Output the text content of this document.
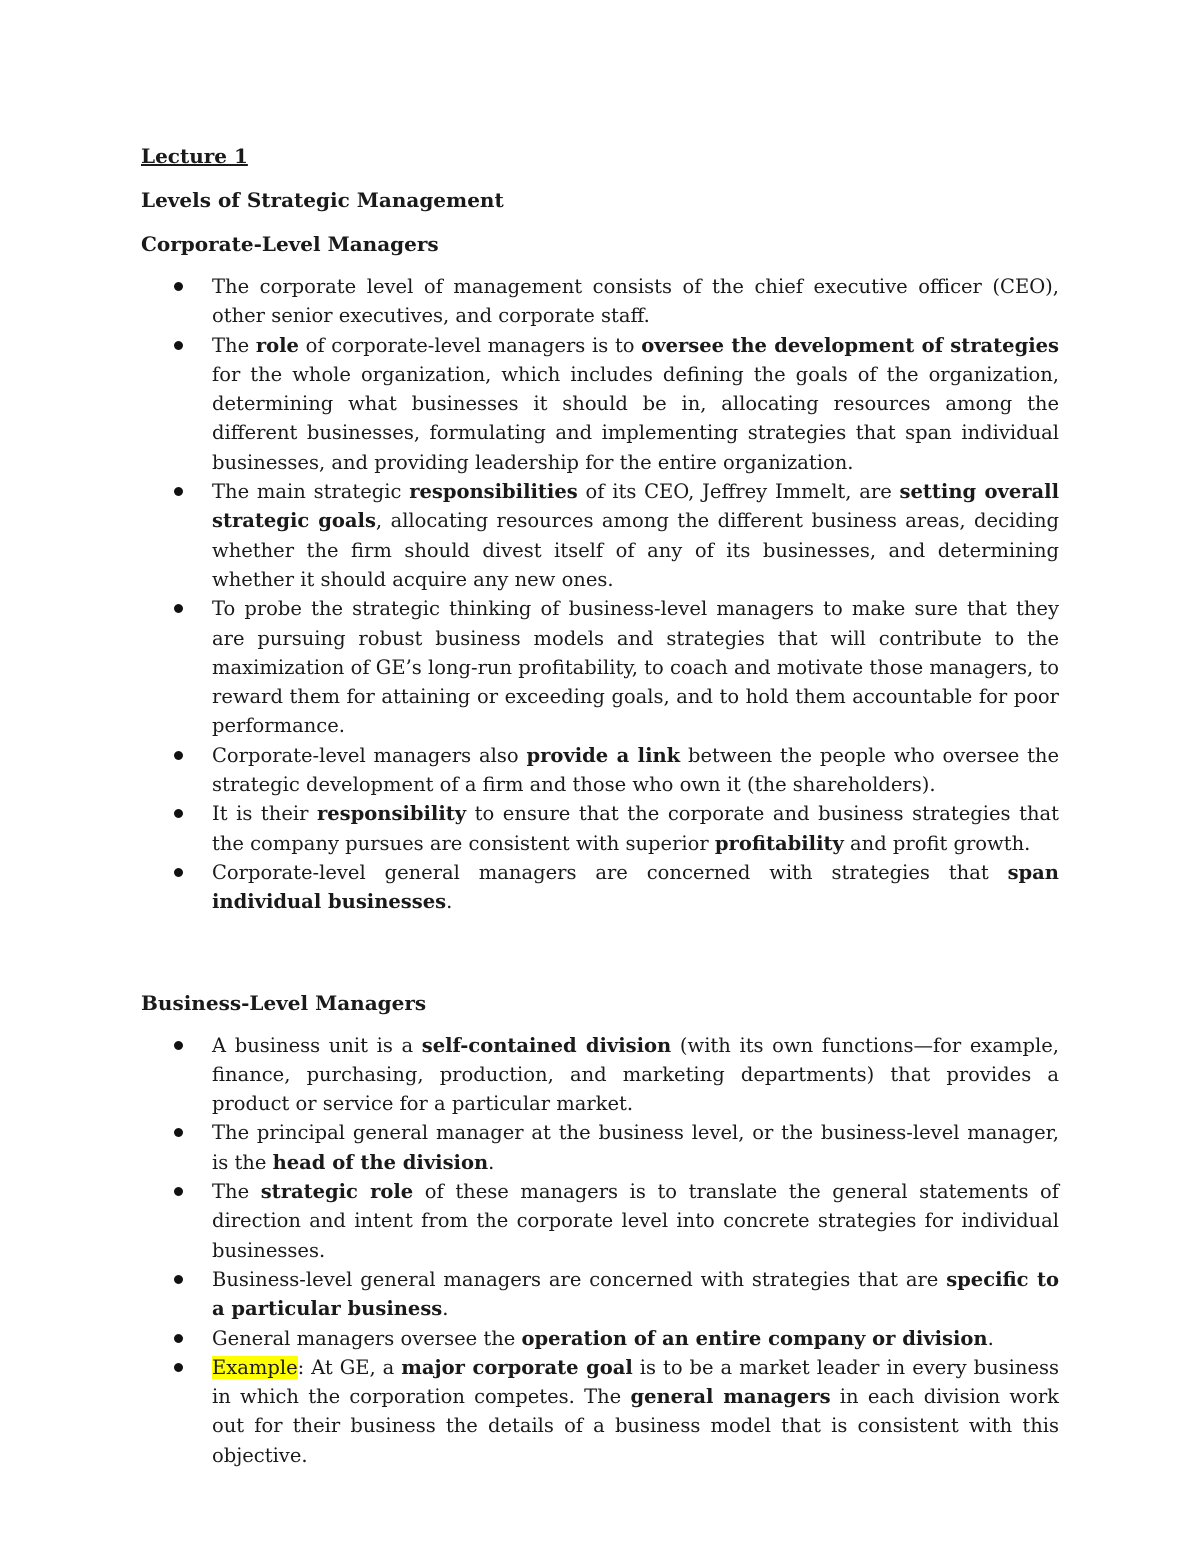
Lecture 1
Levels of Strategic Management
Corporate-Level Managers
The corporate level of management consists of the chief executive officer (CEO), other senior executives, and corporate staff.
The role of corporate-level managers is to oversee the development of strategies for the whole organization, which includes defining the goals of the organization, determining what businesses it should be in, allocating resources among the different businesses, formulating and implementing strategies that span individual businesses, and providing leadership for the entire organization.
The main strategic responsibilities of its CEO, Jeffrey Immelt, are setting overall strategic goals, allocating resources among the different business areas, deciding whether the firm should divest itself of any of its businesses, and determining whether it should acquire any new ones.
To probe the strategic thinking of business-level managers to make sure that they are pursuing robust business models and strategies that will contribute to the maximization of GE’s long-run profitability, to coach and motivate those managers, to reward them for attaining or exceeding goals, and to hold them accountable for poor performance.
Corporate-level managers also provide a link between the people who oversee the strategic development of a firm and those who own it (the shareholders).
It is their responsibility to ensure that the corporate and business strategies that the company pursues are consistent with superior profitability and profit growth.
Corporate-level general managers are concerned with strategies that span individual businesses.
Business-Level Managers
A business unit is a self-contained division (with its own functions—for example, finance, purchasing, production, and marketing departments) that provides a product or service for a particular market.
The principal general manager at the business level, or the business-level manager, is the head of the division.
The strategic role of these managers is to translate the general statements of direction and intent from the corporate level into concrete strategies for individual businesses.
Business-level general managers are concerned with strategies that are specific to a particular business.
General managers oversee the operation of an entire company or division.
Example: At GE, a major corporate goal is to be a market leader in every business in which the corporation competes. The general managers in each division work out for their business the details of a business model that is consistent with this objective.
